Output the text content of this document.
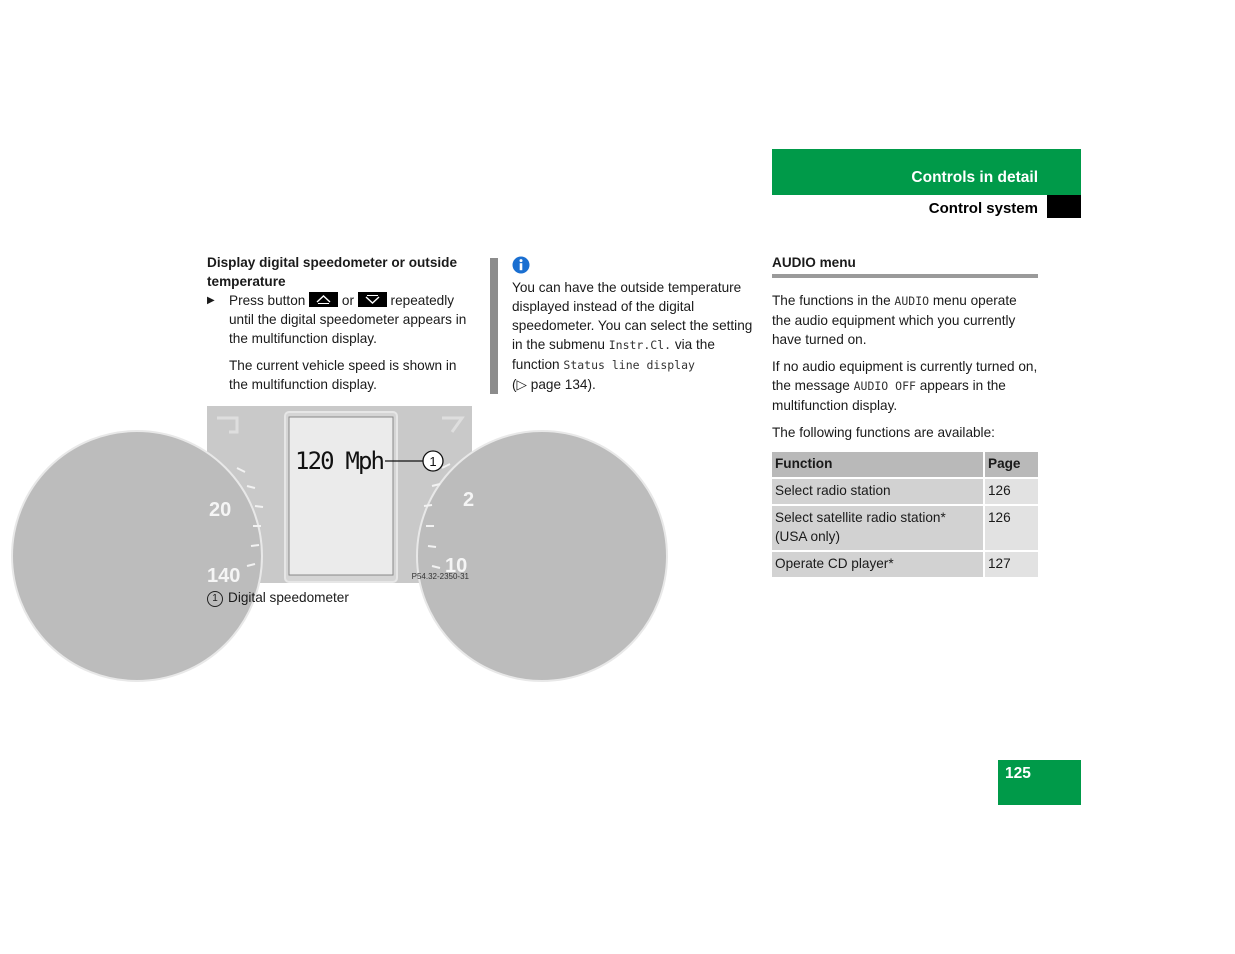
Controls in detail
Control system

Display digital speedometer or outside temperature

▶ Press button	or	repeatedly until the digital speedometer appears in the multifunction display.

The current vehicle speed is shown in the multifunction display.

20
140
2
10
120 Mph	1
P54.32-2350-31
1 Digital speedometer
You can have the outside temperature displayed instead of the digital speedometer. You can select the setting in the submenu Instr.Cl. via the function Status line display
(▷ page 134).

AUDIO menu

The functions in the AUDIO menu operate the audio equipment which you currently have turned on.

If no audio equipment is currently turned on, the message AUDIO OFF appears in the multifunction display.

The following functions are available:

Function	Page
Select radio station	126
Select satellite radio station* (USA only)	126
Operate CD player*	127
125
